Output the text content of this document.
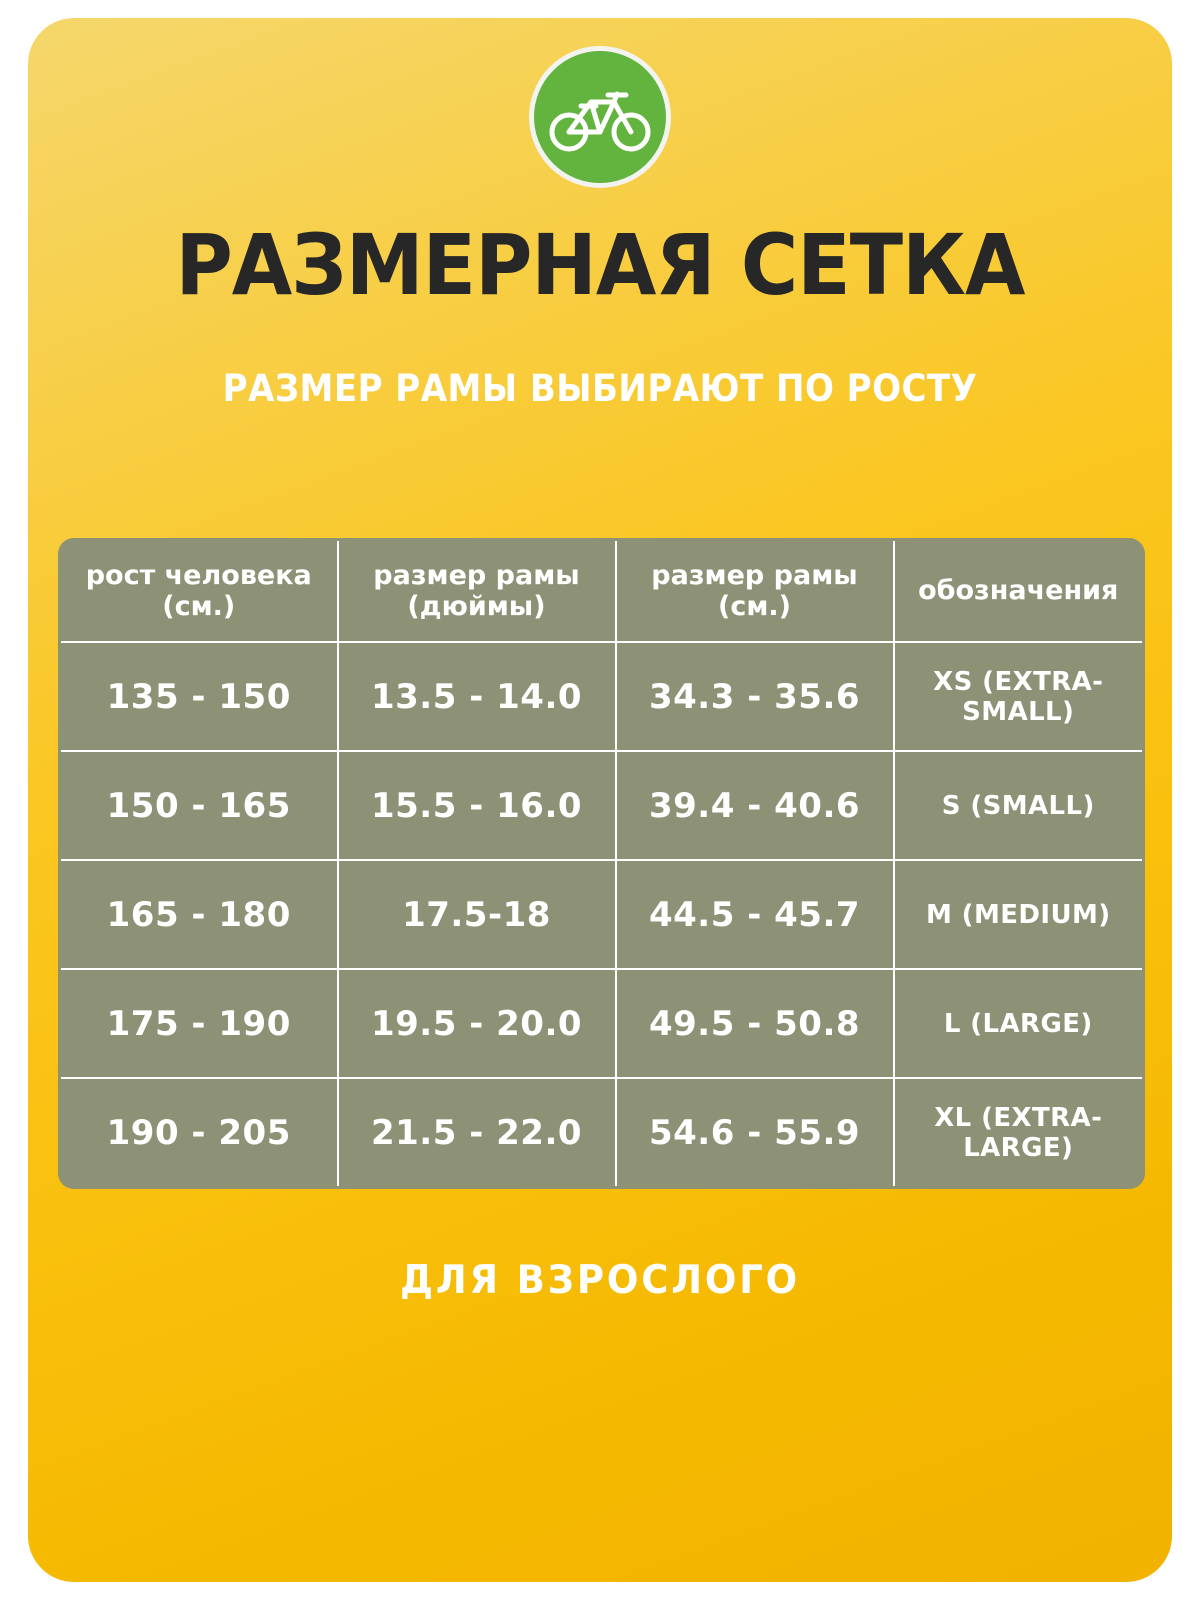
РАЗМЕРНАЯ СЕТКА
РАЗМЕР РАМЫ ВЫБИРАЮТ ПО РОСТУ
рост человека (см.)	размер рамы (дюймы)	размер рамы (см.)	обозначения
135 - 150	13.5 - 14.0	34.3 - 35.6	XS (EXTRA-SMALL)
150 - 165	15.5 - 16.0	39.4 - 40.6	S (SMALL)
165 - 180	17.5-18	44.5 - 45.7	M (MEDIUM)
175 - 190	19.5 - 20.0	49.5 - 50.8	L (LARGE)
190 - 205	21.5 - 22.0	54.6 - 55.9	XL (EXTRA-LARGE)
ДЛЯ ВЗРОСЛОГО
